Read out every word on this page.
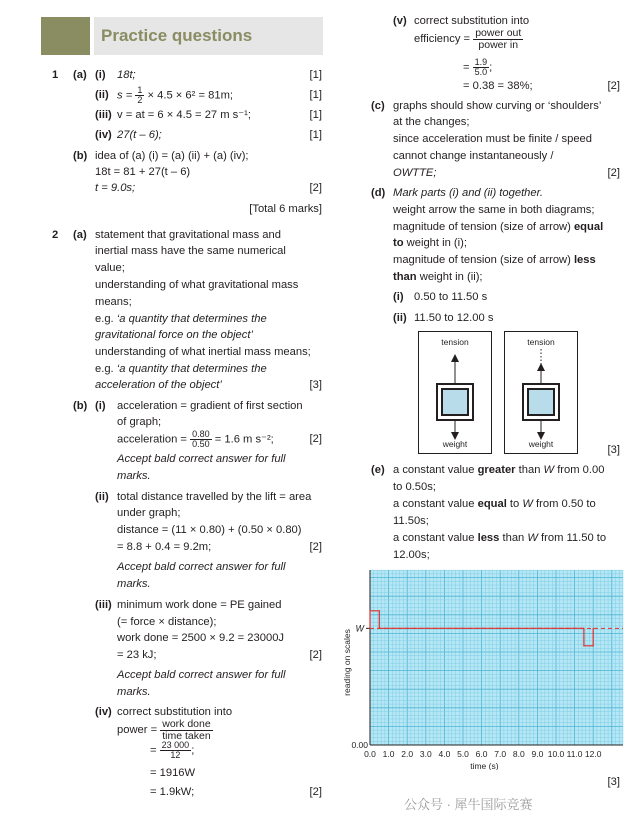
Practice questions
1 (a) (i) 18t;	[1]
(ii) $s = \frac{1}{2} \times 4.5 \times 6^2 = 81m$;	[1]
(iii) v = at = 6 × 4.5 = 27 m s⁻¹;	[1]
(iv) 27(t – 6);	[1]
(b) idea of (a) (i) = (a) (ii) + (a) (iv);
18t = 81 + 27(t – 6)
t = 9.0s;	[2]
[Total 6 marks]
2 (a) statement that gravitational mass and
inertial mass have the same numerical
value;
understanding of what gravitational mass
means;
e.g. ‘a quantity that determines the
gravitational force on the object’
understanding of what inertial mass means;
e.g. ‘a quantity that determines the
acceleration of the object’	[3]
(b) (i) acceleration = gradient of first section
of graph;
acceleration = $\frac{0.80}{0.50} = 1.6$ m s⁻²;	[2]
Accept bald correct answer for full
marks.
(ii) total distance travelled by the lift = area
under graph;
distance = (11 × 0.80) + (0.50 × 0.80)
= 8.8 + 0.4 = 9.2m;	[2]
Accept bald correct answer for full
marks.
(iii) minimum work done = PE gained
(= force × distance);
work done = 2500 × 9.2 = 23000J
= 23 kJ;	[2]
Accept bald correct answer for full
marks.
(iv) correct substitution into
power = $\frac{\text{work done}}{\text{time taken}}$
= $\frac{23 000}{12}$ ;
= 1916W
= 1.9kW;	[2]
(v) correct substitution into
efficiency = $\frac{\text{power out}}{\text{power in}}$
= $\frac{1.9}{5.0}$ ;
= 0.38 = 38%;	[2]
(c) graphs should show curving or ‘shoulders’
at the changes;
since acceleration must be finite / speed
cannot change instantaneously /
OWTTE;	[2]
(d) Mark parts (i) and (ii) together.
weight arrow the same in both diagrams;
magnitude of tension (size of arrow) equal
to weight in (i);
magnitude of tension (size of arrow) less
than weight in (ii);
(i) 0.50 to 11.50 s
(ii) 11.50 to 12.00 s
tension
weight
tension
weight	[3]
(e) a constant value greater than W from 0.00
to 0.50s;
a constant value equal to W from 0.50 to
11.50s;
a constant value less than W from 11.50 to
12.00s;
0.0 1.0 2.0 3.0 4.0 5.0 6.0 7.0 8.0 9.0 10.0 11.0 12.0
0.00
W
time (s)
reading on scales
[3]
公众号 · 犀牛国际竞赛
